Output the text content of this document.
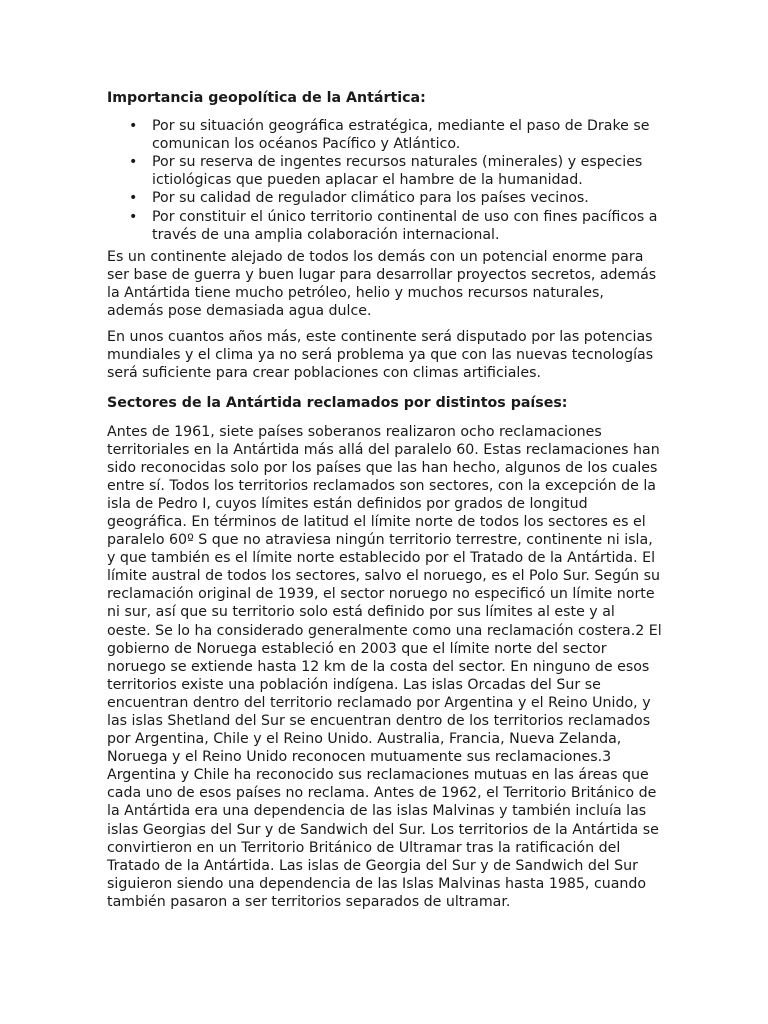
Importancia geopolítica de la Antártica:
• Por su situación geográfica estratégica, mediante el paso de Drake se comunican los océanos Pacífico y Atlántico.
• Por su reserva de ingentes recursos naturales (minerales) y especies ictiológicas que pueden aplacar el hambre de la humanidad.
• Por su calidad de regulador climático para los países vecinos.
• Por constituir el único territorio continental de uso con fines pacíficos a través de una amplia colaboración internacional.

Es un continente alejado de todos los demás con un potencial enorme para ser base de guerra y buen lugar para desarrollar proyectos secretos, además la Antártida tiene mucho petróleo, helio y muchos recursos naturales, además pose demasiada agua dulce.

En unos cuantos años más, este continente será disputado por las potencias mundiales y el clima ya no será problema ya que con las nuevas tecnologías será suficiente para crear poblaciones con climas artificiales.

Sectores de la Antártida reclamados por distintos países:

Antes de 1961, siete países soberanos realizaron ocho reclamaciones territoriales en la Antártida más allá del paralelo 60. Estas reclamaciones han sido reconocidas solo por los países que las han hecho, algunos de los cuales entre sí. Todos los territorios reclamados son sectores, con la excepción de la isla de Pedro I, cuyos límites están definidos por grados de longitud geográfica. En términos de latitud el límite norte de todos los sectores es el paralelo 60º S que no atraviesa ningún territorio terrestre, continente ni isla, y que también es el límite norte establecido por el Tratado de la Antártida. El límite austral de todos los sectores, salvo el noruego, es el Polo Sur. Según su reclamación original de 1939, el sector noruego no especificó un límite norte ni sur, así que su territorio solo está definido por sus límites al este y al oeste. Se lo ha considerado generalmente como una reclamación costera.2 El gobierno de Noruega estableció en 2003 que el límite norte del sector noruego se extiende hasta 12 km de la costa del sector. En ninguno de esos territorios existe una población indígena. Las islas Orcadas del Sur se encuentran dentro del territorio reclamado por Argentina y el Reino Unido, y las islas Shetland del Sur se encuentran dentro de los territorios reclamados por Argentina, Chile y el Reino Unido. Australia, Francia, Nueva Zelanda, Noruega y el Reino Unido reconocen mutuamente sus reclamaciones.3 Argentina y Chile ha reconocido sus reclamaciones mutuas en las áreas que cada uno de esos países no reclama. Antes de 1962, el Territorio Británico de la Antártida era una dependencia de las islas Malvinas y también incluía las islas Georgias del Sur y de Sandwich del Sur. Los territorios de la Antártida se convirtieron en un Territorio Británico de Ultramar tras la ratificación del Tratado de la Antártida. Las islas de Georgia del Sur y de Sandwich del Sur siguieron siendo una dependencia de las Islas Malvinas hasta 1985, cuando también pasaron a ser territorios separados de ultramar.
